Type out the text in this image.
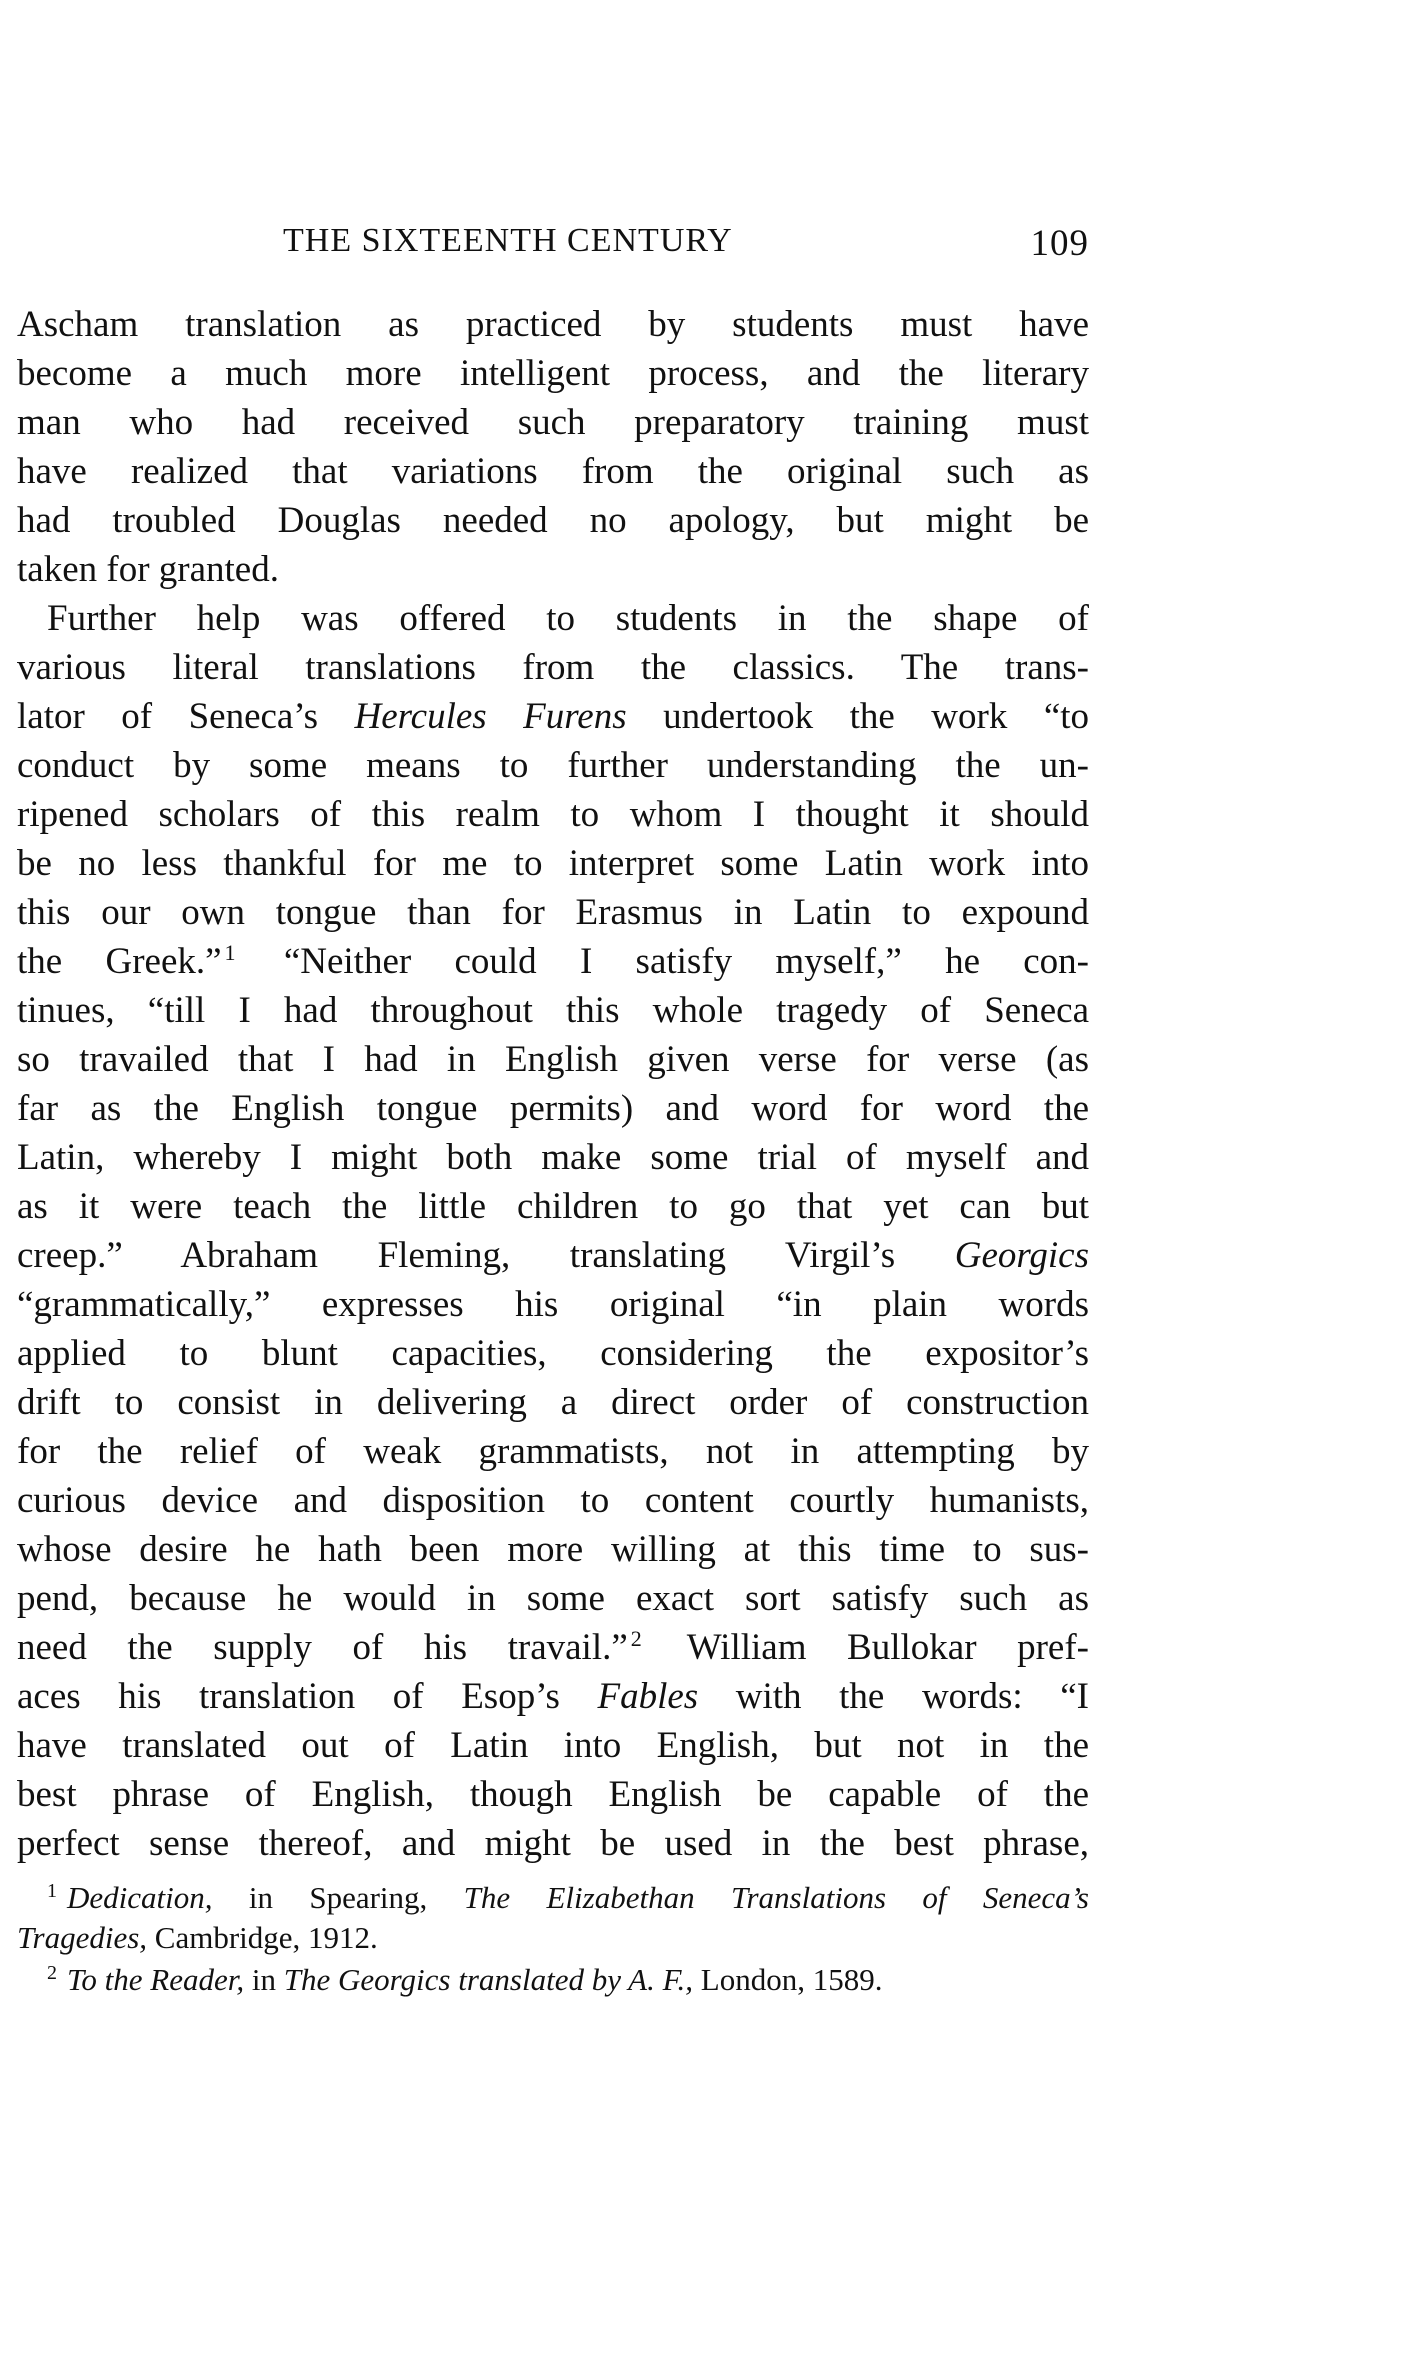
THE SIXTEENTH CENTURY	109
Ascham translation as practiced by students must have
become a much more intelligent process, and the literary
man who had received such preparatory training must
have realized that variations from the original such as
had troubled Douglas needed no apology, but might be
taken for granted.
Further help was offered to students in the shape of
various literal translations from the classics. The trans-
lator of Seneca’s Hercules Furens undertook the work “to
conduct by some means to further understanding the un-
ripened scholars of this realm to whom I thought it should
be no less thankful for me to interpret some Latin work into
this our own tongue than for Erasmus in Latin to expound
the Greek.” $^1$ “Neither could I satisfy myself,” he con-
tinues, “till I had throughout this whole tragedy of Seneca
so travailed that I had in English given verse for verse (as
far as the English tongue permits) and word for word the
Latin, whereby I might both make some trial of myself and
as it were teach the little children to go that yet can but
creep.” Abraham Fleming, translating Virgil’s Georgics
“grammatically,” expresses his original “in plain words
applied to blunt capacities, considering the expositor’s
drift to consist in delivering a direct order of construction
for the relief of weak grammatists, not in attempting by
curious device and disposition to content courtly humanists,
whose desire he hath been more willing at this time to sus-
pend, because he would in some exact sort satisfy such as
need the supply of his travail.” $^2$ William Bullokar pref-
aces his translation of Esop’s Fables with the words: “I
have translated out of Latin into English, but not in the
best phrase of English, though English be capable of the
perfect sense thereof, and might be used in the best phrase,
$^1$ Dedication, in Spearing, The Elizabethan Translations of Seneca’s
Tragedies, Cambridge, 1912.
$^2$ To the Reader, in The Georgics translated by A. F., London, 1589.
